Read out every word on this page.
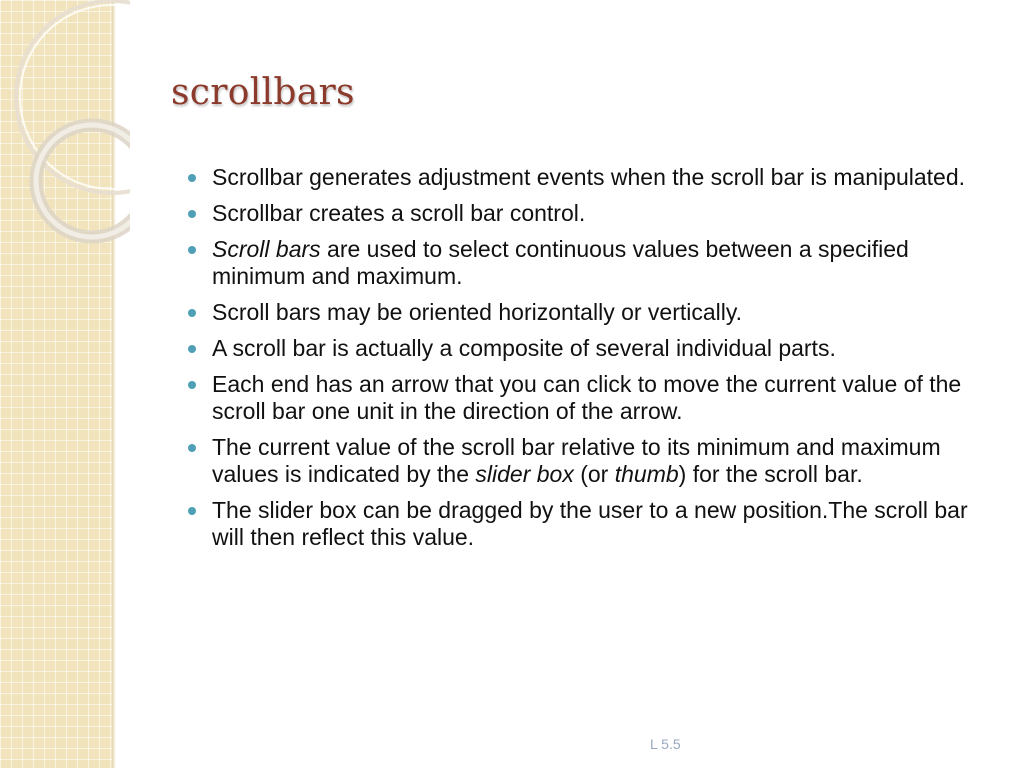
scrollbars
Scrollbar generates adjustment events when the scroll bar is manipulated.
Scrollbar creates a scroll bar control.
Scroll bars are used to select continuous values between a specified minimum and maximum.
Scroll bars may be oriented horizontally or vertically.
A scroll bar is actually a composite of several individual parts.
Each end has an arrow that you can click to move the current value of the scroll bar one unit in the direction of the arrow.
The current value of the scroll bar relative to its minimum and maximum values is indicated by the slider box (or thumb) for the scroll bar.
The slider box can be dragged by the user to a new position.The scroll bar will then reflect this value.
L 5.5
